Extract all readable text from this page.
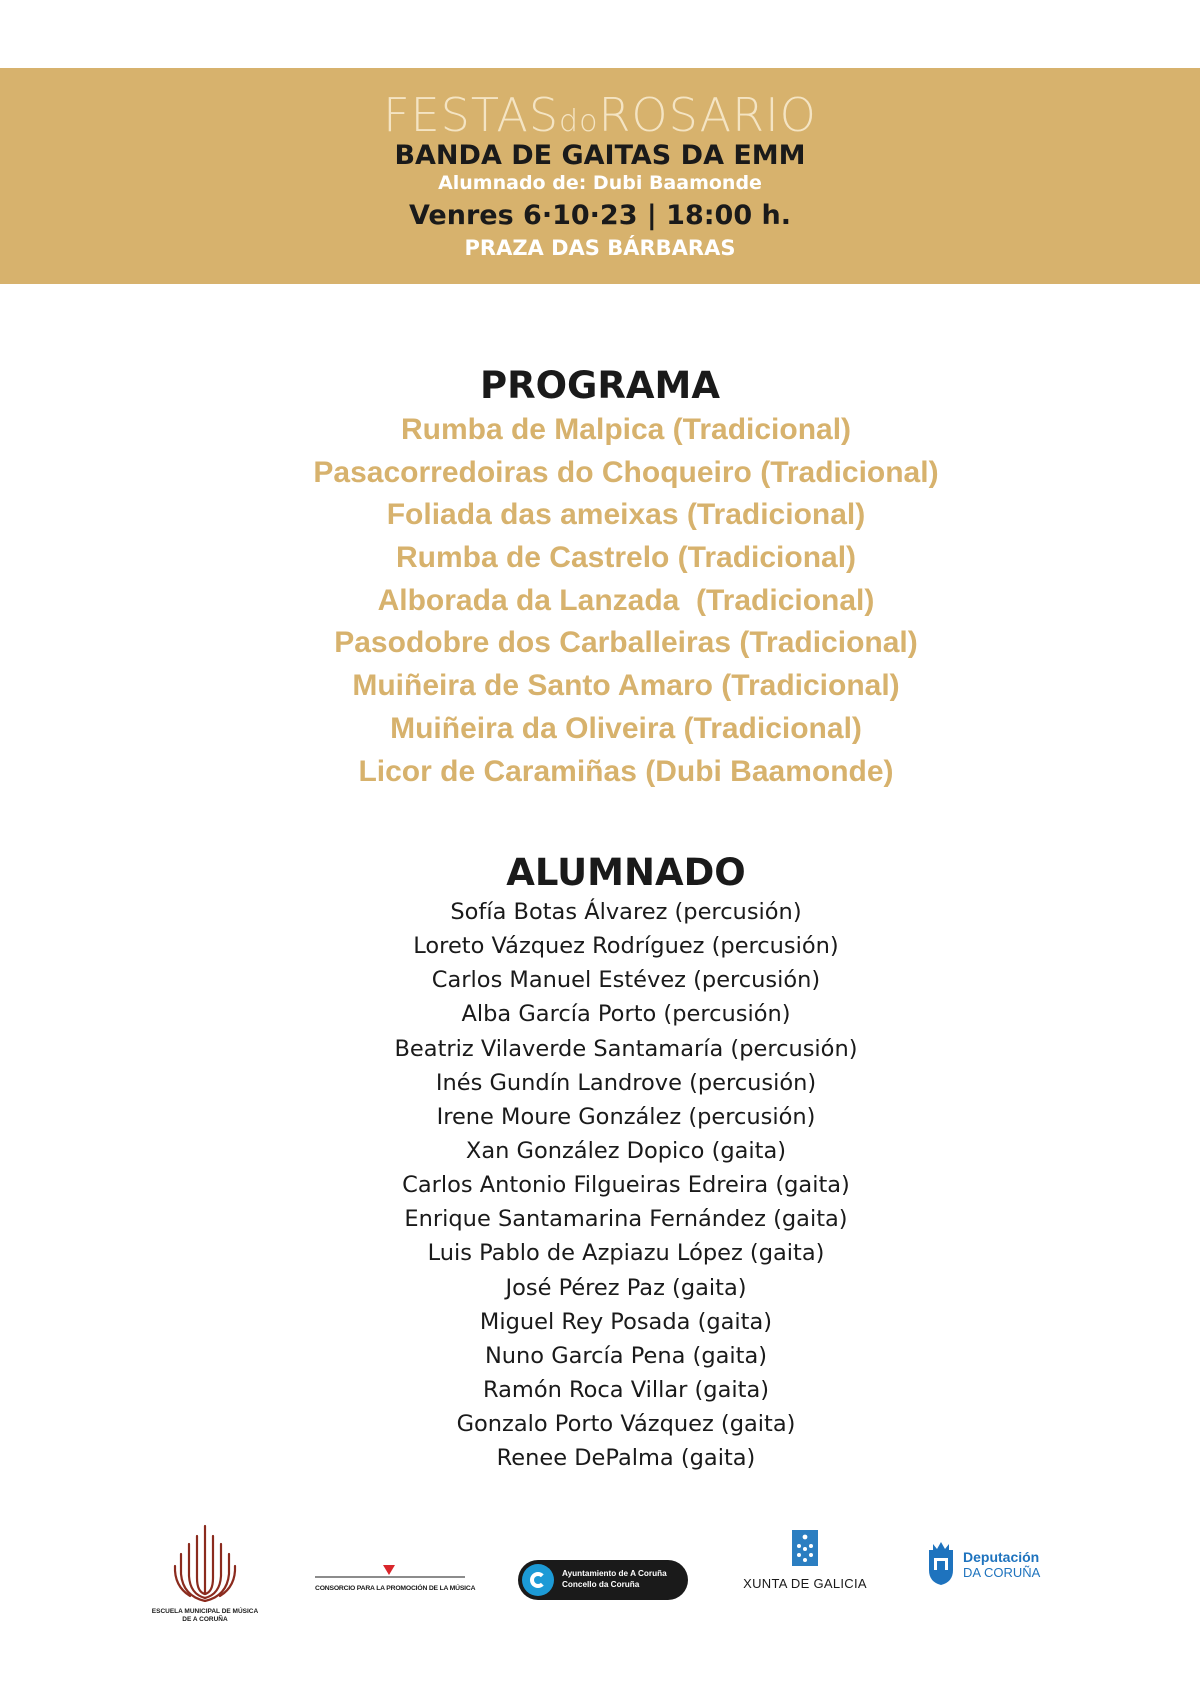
FESTASdoROSARIO
BANDA DE GAITAS DA EMM
Alumnado de: Dubi Baamonde
Venres 6·10·23 | 18:00 h.
PRAZA DAS BÁRBARAS
PROGRAMA
Rumba de Malpica (Tradicional)
Pasacorredoiras do Choqueiro (Tradicional)
Foliada das ameixas (Tradicional)
Rumba de Castrelo (Tradicional)
Alborada da Lanzada  (Tradicional)
Pasodobre dos Carballeiras (Tradicional)
Muiñeira de Santo Amaro (Tradicional)
Muiñeira da Oliveira (Tradicional)
Licor de Caramiñas (Dubi Baamonde)
ALUMNADO
Sofía Botas Álvarez (percusión)
Loreto Vázquez Rodríguez (percusión)
Carlos Manuel Estévez (percusión)
Alba García Porto (percusión)
Beatriz Vilaverde Santamaría (percusión)
Inés Gundín Landrove (percusión)
Irene Moure González (percusión)
Xan González Dopico (gaita)
Carlos Antonio Filgueiras Edreira (gaita)
Enrique Santamarina Fernández (gaita)
Luis Pablo de Azpiazu López (gaita)
José Pérez Paz (gaita)
Miguel Rey Posada (gaita)
Nuno García Pena (gaita)
Ramón Roca Villar (gaita)
Gonzalo Porto Vázquez (gaita)
Renee DePalma (gaita)
ESCUELA MUNICIPAL DE MÚSICA
DE A CORUÑA
CONSORCIO PARA LA PROMOCIÓN DE LA MÚSICA
Ayuntamiento de A Coruña
Concello da Coruña	XUNTA DE GALICIA
Deputación
DA CORUÑA
